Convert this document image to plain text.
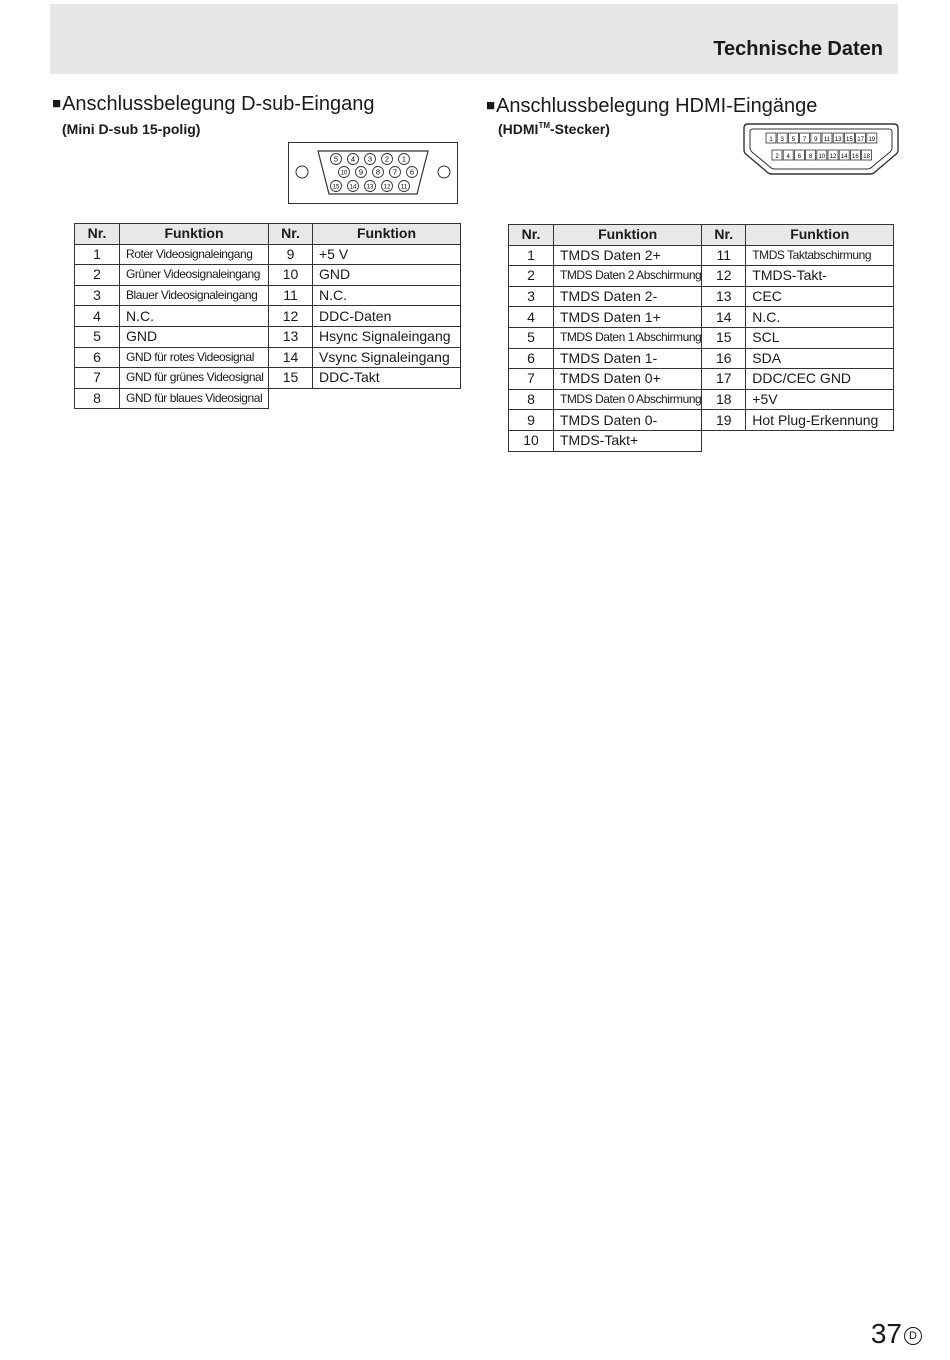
Technische Daten
■Anschlussbelegung D-sub-Eingang
(Mini D-sub 15-polig)
5 4 3 2 1
10 9 8 7 6
15 14 13 12 11
Nr.	Funktion	Nr.	Funktion
1	Roter Videosignaleingang	9	+5 V
2	Grüner Videosignaleingang	10	GND
3	Blauer Videosignaleingang	11	N.C.
4	N.C.	12	DDC-Daten
5	GND	13	Hsync Signaleingang
6	GND für rotes Videosignal	14	Vsync Signaleingang
7	GND für grünes Videosignal	15	DDC-Takt
8	GND für blaues Videosignal		
■Anschlussbelegung HDMI-Eingänge
(HDMI™-Stecker)
1 3 5 7 9 11 13 15 17 19
2 4 6 8 10 12 14 16 18
Nr.	Funktion	Nr.	Funktion
1	TMDS Daten 2+	11	TMDS Taktabschirmung
2	TMDS Daten 2 Abschirmung	12	TMDS-Takt-
3	TMDS Daten 2-	13	CEC
4	TMDS Daten 1+	14	N.C.
5	TMDS Daten 1 Abschirmung	15	SCL
6	TMDS Daten 1-	16	SDA
7	TMDS Daten 0+	17	DDC/CEC GND
8	TMDS Daten 0 Abschirmung	18	+5V
9	TMDS Daten 0-	19	Hot Plug-Erkennung
10	TMDS-Takt+		
37 D
